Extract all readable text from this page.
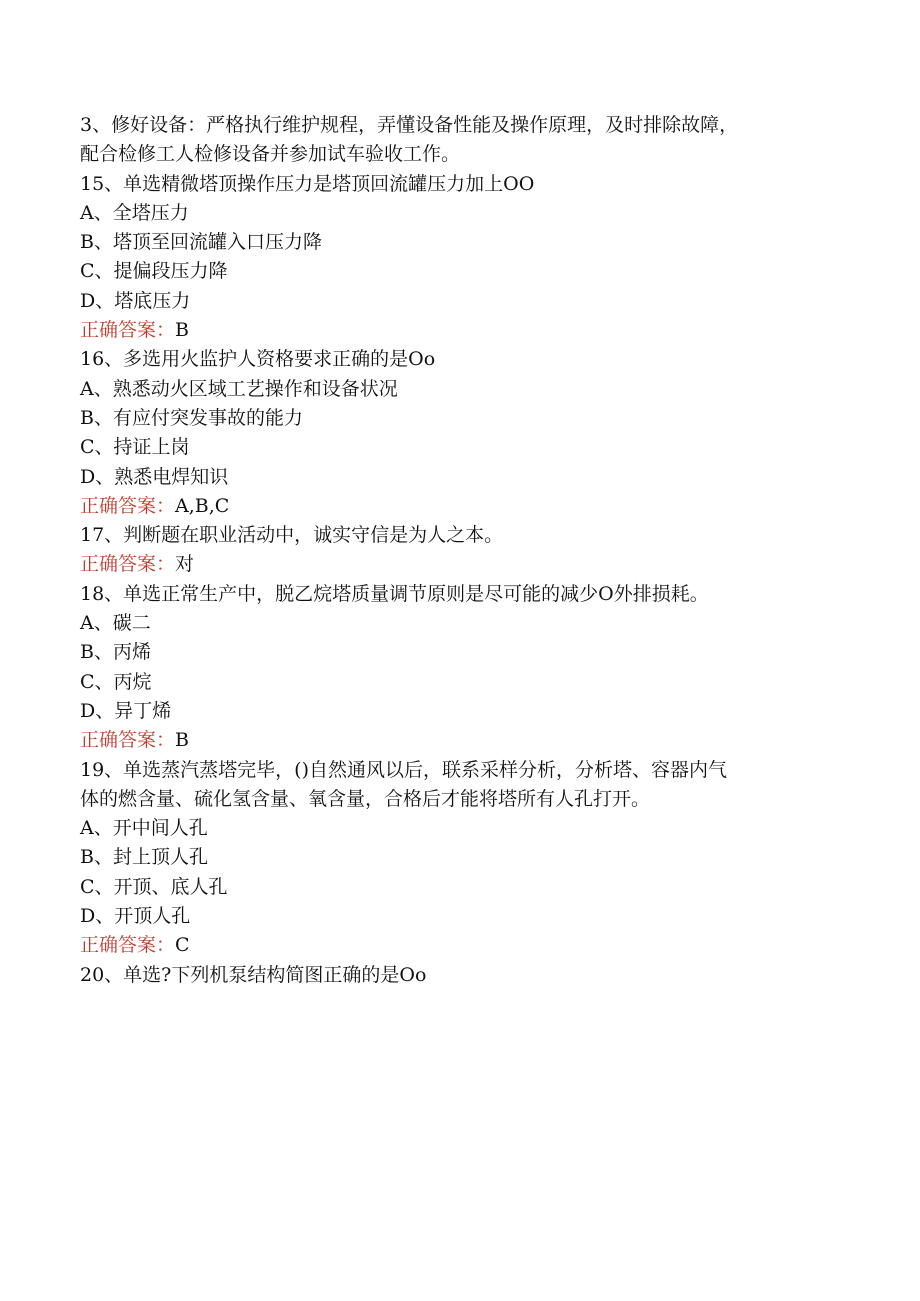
3、修好设备：严格执行维护规程，弄懂设备性能及操作原理，及时排除故障，
配合检修工人检修设备并参加试车验收工作。
15、单选精微塔顶操作压力是塔顶回流罐压力加上OO
A、全塔压力
B、塔顶至回流罐入口压力降
C、提偏段压力降
D、塔底压力
正确答案：B
16、多选用火监护人资格要求正确的是Oo
A、熟悉动火区域工艺操作和设备状况
B、有应付突发事故的能力
C、持证上岗
D、熟悉电焊知识
正确答案：A,B,C
17、判断题在职业活动中，诚实守信是为人之本。
正确答案：对
18、单选正常生产中，脱乙烷塔质量调节原则是尽可能的减少O外排损耗。
A、碳二
B、丙烯
C、丙烷
D、异丁烯
正确答案：B
19、单选蒸汽蒸塔完毕，()自然通风以后，联系采样分析，分析塔、容器内气
体的燃含量、硫化氢含量、氧含量，合格后才能将塔所有人孔打开。
A、开中间人孔
B、封上顶人孔
C、开顶、底人孔
D、开顶人孔
正确答案：C
20、单选?下列机泵结构简图正确的是Oo
